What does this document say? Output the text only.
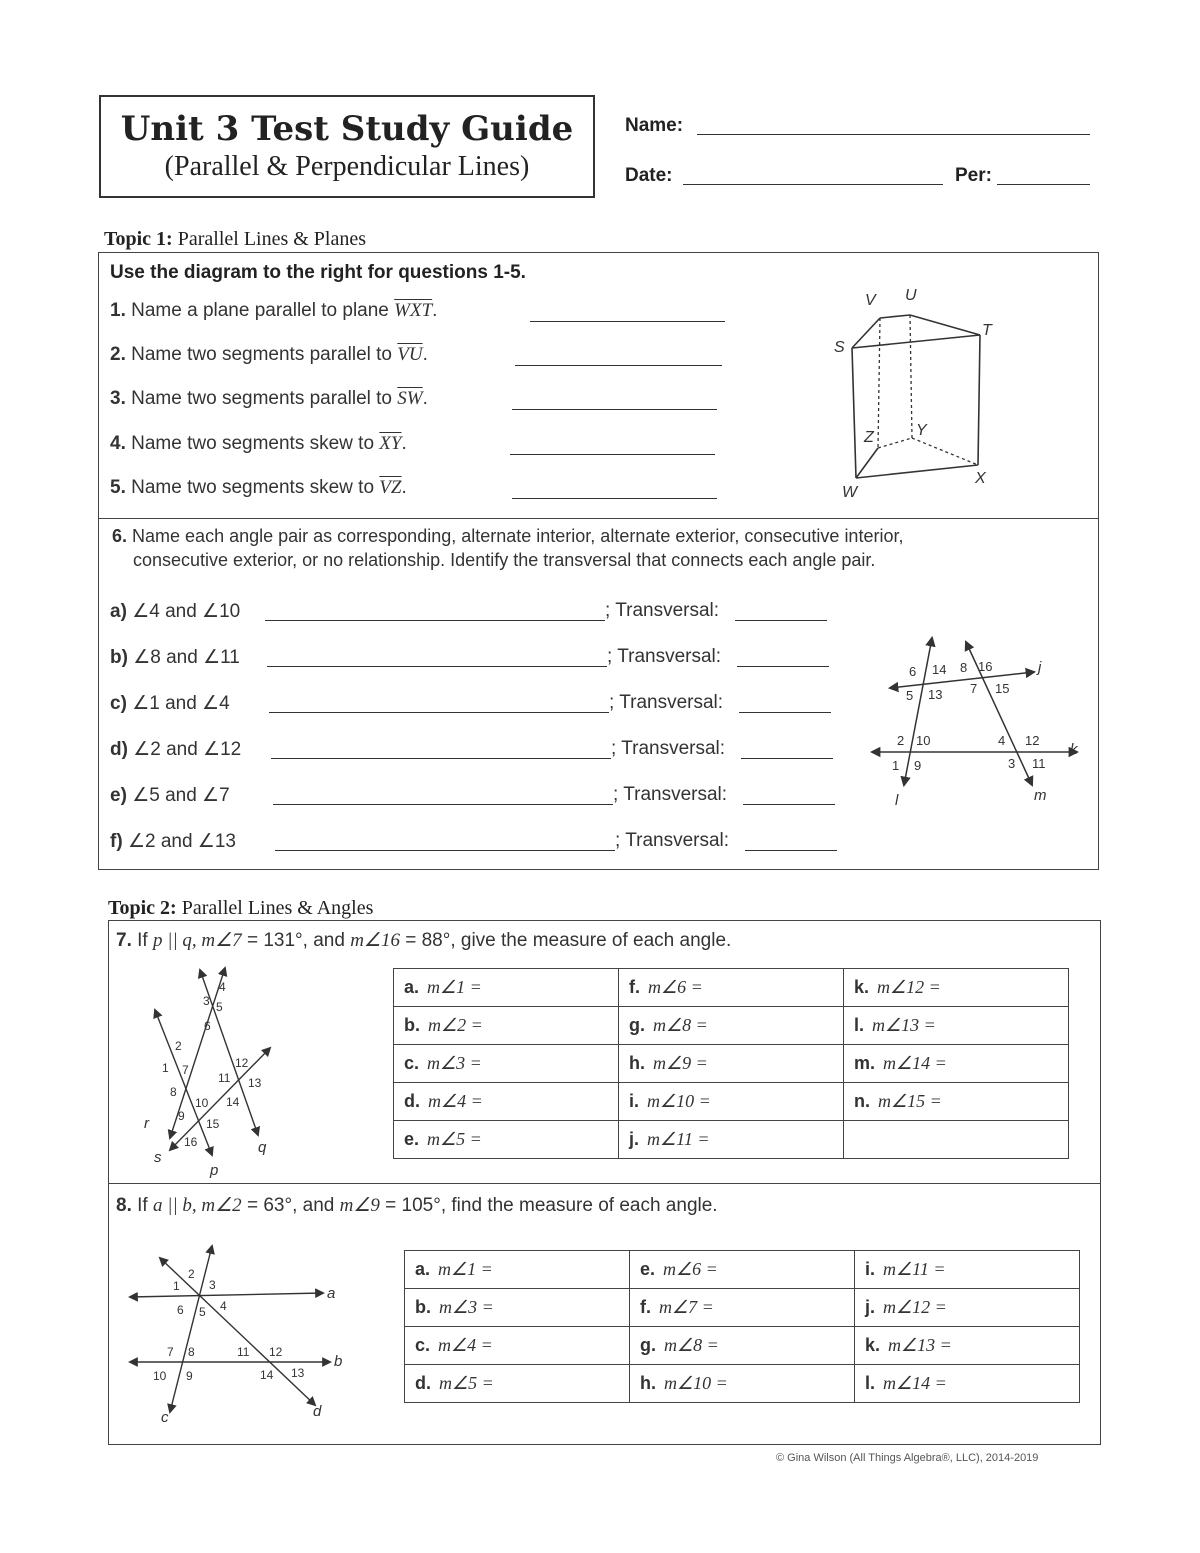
Unit 3 Test Study Guide
(Parallel & Perpendicular Lines)
Name:
Date:	Per:
Topic 1: Parallel Lines & Planes
Use the diagram to the right for questions 1-5.
1. Name a plane parallel to plane $\overline{WXT}$.
2. Name two segments parallel to $\overline{VU}$.
3. Name two segments parallel to $\overline{SW}$.
4. Name two segments skew to $\overline{XY}$.
5. Name two segments skew to $\overline{VZ}$.
V U
T
S
Z	Y
X
W
6. Name each angle pair as corresponding, alternate interior, alternate exterior, consecutive interior,
consecutive exterior, or no relationship. Identify the transversal that connects each angle pair.
a) ∠4 and ∠10	; Transversal:
b) ∠8 and ∠11	; Transversal:
c) ∠1 and ∠4	; Transversal:
d) ∠2 and ∠12	; Transversal:
e) ∠5 and ∠7	; Transversal:
f) ∠2 and ∠13	; Transversal:
6 14 8 16
5 13 7 15
2 10
1 9
4 12
3 11
j
k
l	m
Topic 2: Parallel Lines & Angles
7. If p || q, m∠7 = 131°, and m∠16 = 88°, give the measure of each angle.
a. m∠1 =	f. m∠6 =	k. m∠12 =
b. m∠2 =	g. m∠8 =	l. m∠13 =
c. m∠3 =	h. m∠9 =	m. m∠14 =
d. m∠4 =	i. m∠10 =	n. m∠15 =
e. m∠5 =	j. m∠11 =	
3
4
5
6
2
1 7
8
9
10
11
12
13
14
15
16
p
q
r
s
8. If a || b, m∠2 = 63°, and m∠9 = 105°, find the measure of each angle.
a. m∠1 =	e. m∠6 =	i. m∠11 =
b. m∠3 =	f. m∠7 =	j. m∠12 =
c. m∠4 =	g. m∠8 =	k. m∠13 =
d. m∠5 =	h. m∠10 =	l. m∠14 =
1
2
3
4
5
6
7 8
9
10
11 12
13
14
a
b
c	d
© Gina Wilson (All Things Algebra®, LLC), 2014-2019
